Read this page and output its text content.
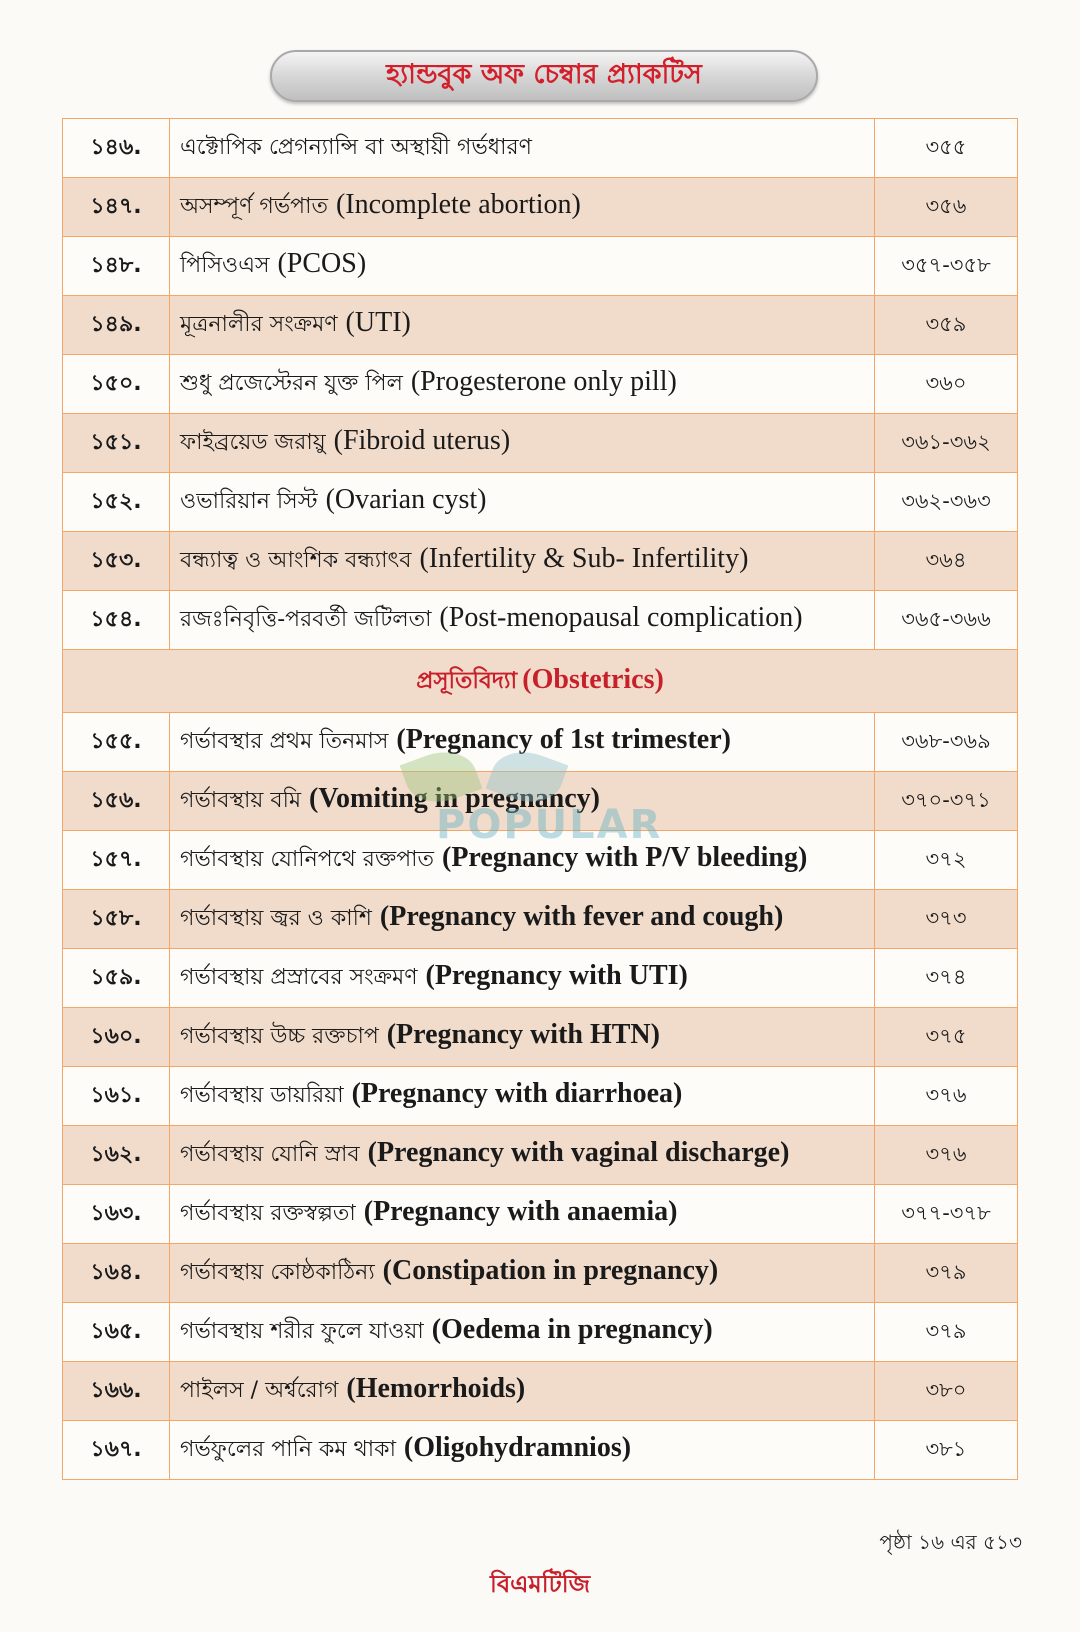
হ্যান্ডবুক অফ চেম্বার প্র্যাকটিস
১৪৬.	এক্টোপিক প্রেগন্যান্সি বা অস্থায়ী গর্ভধারণ	৩৫৫
১৪৭.	অসম্পূর্ণ গর্ভপাত (Incomplete abortion)	৩৫৬
১৪৮.	পিসিওএস (PCOS)	৩৫৭-৩৫৮
১৪৯.	মূত্রনালীর সংক্রমণ (UTI)	৩৫৯
১৫০.	শুধু প্রজেস্টেরন যুক্ত পিল (Progesterone only pill)	৩৬০
১৫১.	ফাইব্রয়েড জরায়ু (Fibroid uterus)	৩৬১-৩৬২
১৫২.	ওভারিয়ান সিস্ট (Ovarian cyst)	৩৬২-৩৬৩
১৫৩.	বন্ধ্যাত্ব ও আংশিক বন্ধ্যাৎব (Infertility & Sub- Infertility)	৩৬৪
১৫৪.	রজঃনিবৃত্তি-পরবর্তী জটিলতা (Post-menopausal complication)	৩৬৫-৩৬৬
প্রসূতিবিদ্যা (Obstetrics)		
১৫৫.	গর্ভাবস্থার প্রথম তিনমাস (Pregnancy of 1st trimester)	৩৬৮-৩৬৯
১৫৬.	গর্ভাবস্থায় বমি (Vomiting in pregnancy)	৩৭০-৩৭১
১৫৭.	গর্ভাবস্থায় যোনিপথে রক্তপাত (Pregnancy with P/V bleeding)	৩৭২
১৫৮.	গর্ভাবস্থায় জ্বর ও কাশি (Pregnancy with fever and cough)	৩৭৩
১৫৯.	গর্ভাবস্থায় প্রস্রাবের সংক্রমণ (Pregnancy with UTI)	৩৭৪
১৬০.	গর্ভাবস্থায় উচ্চ রক্তচাপ (Pregnancy with HTN)	৩৭৫
১৬১.	গর্ভাবস্থায় ডায়রিয়া (Pregnancy with diarrhoea)	৩৭৬
১৬২.	গর্ভাবস্থায় যোনি স্রাব (Pregnancy with vaginal discharge)	৩৭৬
১৬৩.	গর্ভাবস্থায় রক্তস্বল্পতা (Pregnancy with anaemia)	৩৭৭-৩৭৮
১৬৪.	গর্ভাবস্থায় কোষ্ঠকাঠিন্য (Constipation in pregnancy)	৩৭৯
১৬৫.	গর্ভাবস্থায় শরীর ফুলে যাওয়া (Oedema in pregnancy)	৩৭৯
১৬৬.	পাইলস / অর্শ্বরোগ (Hemorrhoids)	৩৮০
১৬৭.	গর্ভফুলের পানি কম থাকা (Oligohydramnios)	৩৮১
POPULAR
পৃষ্ঠা ১৬ এর ৫১৩
বিএমটিজি
